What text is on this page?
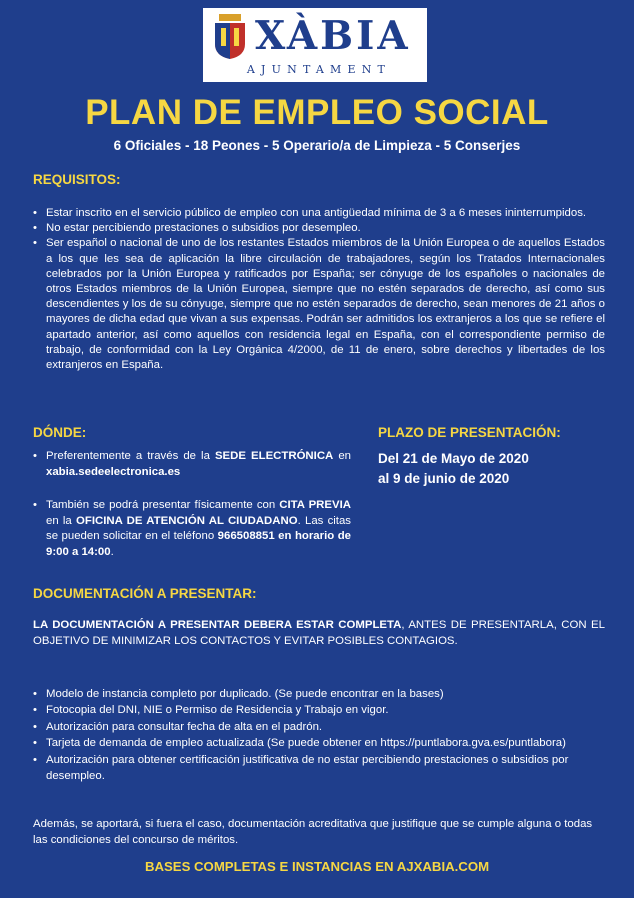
XÀBIA
AJUNTAMENT
PLAN DE EMPLEO SOCIAL
6 Oficiales - 18 Peones - 5 Operario/a de Limpieza - 5 Conserjes
REQUISITOS:
• Estar inscrito en el servicio público de empleo con una antigüedad mínima de 3 a 6 meses ininterrumpidos.
• No estar percibiendo prestaciones o subsidios por desempleo.
• Ser español o nacional de uno de los restantes Estados miembros de la Unión Europea o de aquellos Estados a los que les sea de aplicación la libre circulación de trabajadores, según los Tratados Internacionales celebrados por la Unión Europea y ratificados por España; ser cónyuge de los españoles o nacionales de otros Estados miembros de la Unión Europea, siempre que no estén separados de derecho, así como sus descendientes y los de su cónyuge, siempre que no estén separados de derecho, sean menores de 21 años o mayores de dicha edad que vivan a sus expensas. Podrán ser admitidos los extranjeros a los que se refiere el apartado anterior, así como aquellos con residencia legal en España, con el correspondiente permiso de trabajo, de conformidad con la Ley Orgánica 4/2000, de 11 de enero, sobre derechos y libertades de los extranjeros en España.
DÓNDE:
• Preferentemente a través de la SEDE ELECTRÓNICA en xabia.sedeelectronica.es
• También se podrá presentar físicamente con CITA PREVIA en la OFICINA DE ATENCIÓN AL CIUDADANO. Las citas se pueden solicitar en el teléfono 966508851 en horario de 9:00 a 14:00.
PLAZO DE PRESENTACIÓN:
Del 21 de Mayo de 2020
al 9 de junio de 2020
DOCUMENTACIÓN A PRESENTAR:
LA DOCUMENTACIÓN A PRESENTAR DEBERA ESTAR COMPLETA, ANTES DE PRESENTARLA, CON EL OBJETIVO DE MINIMIZAR LOS CONTACTOS Y EVITAR POSIBLES CONTAGIOS.
• Modelo de instancia completo por duplicado. (Se puede encontrar en la bases)
• Fotocopia del DNI, NIE o Permiso de Residencia y Trabajo en vigor.
• Autorización para consultar fecha de alta en el padrón.
• Tarjeta de demanda de empleo actualizada (Se puede obtener en https://puntlabora.gva.es/puntlabora)
• Autorización para obtener certificación justificativa de no estar percibiendo prestaciones o subsidios por desempleo.
Además, se aportará, si fuera el caso, documentación acreditativa que justifique que se cumple alguna o todas las condiciones del concurso de méritos.
BASES COMPLETAS E INSTANCIAS EN AJXABIA.COM
